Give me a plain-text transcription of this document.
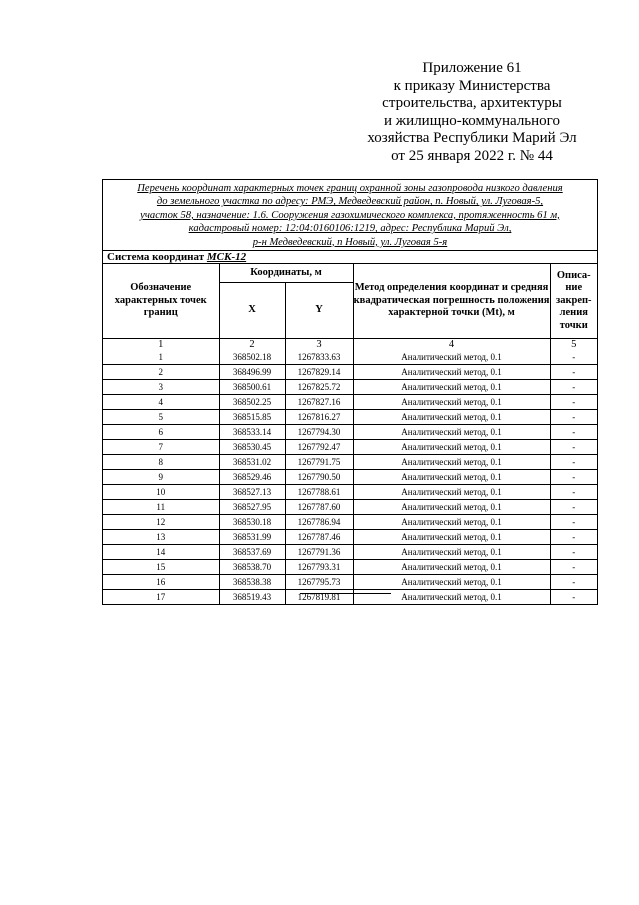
Приложение 61
к приказу Министерства
строительства, архитектуры
и жилищно-коммунального
хозяйства Республики Марий Эл
от 25 января 2022 г. № 44
Перечень координат характерных точек границ охранной зоны газопровода низкого давления
до земельного участка по адресу: РМЭ, Медведевский район, п. Новый, ул. Луговая-5,
участок 58, назначение: 1.6. Сооружения газохимического комплекса, протяженность 61 м,
кадастровый номер: 12:04:0160106:1219, адрес: Республика Марий Эл,
р-н Медведевский, п Новый, ул. Луговая 5-я
Система координат МСК-12
Обозначение характерных точек границ	Координаты, м		Метод определения координат и средняя квадратическая погрешность положения характерной точки (Mt), м	Описа- ние закреп- ления точки
	X	Y		
1	2	3	4	5
1	368502.18	1267833.63	Аналитический метод, 0.1	-
2	368496.99	1267829.14	Аналитический метод, 0.1	-
3	368500.61	1267825.72	Аналитический метод, 0.1	-
4	368502.25	1267827.16	Аналитический метод, 0.1	-
5	368515.85	1267816.27	Аналитический метод, 0.1	-
6	368533.14	1267794.30	Аналитический метод, 0.1	-
7	368530.45	1267792.47	Аналитический метод, 0.1	-
8	368531.02	1267791.75	Аналитический метод, 0.1	-
9	368529.46	1267790.50	Аналитический метод, 0.1	-
10	368527.13	1267788.61	Аналитический метод, 0.1	-
11	368527.95	1267787.60	Аналитический метод, 0.1	-
12	368530.18	1267786.94	Аналитический метод, 0.1	-
13	368531.99	1267787.46	Аналитический метод, 0.1	-
14	368537.69	1267791.36	Аналитический метод, 0.1	-
15	368538.70	1267793.31	Аналитический метод, 0.1	-
16	368538.38	1267795.73	Аналитический метод, 0.1	-
17	368519.43	1267819.81	Аналитический метод, 0.1	-
